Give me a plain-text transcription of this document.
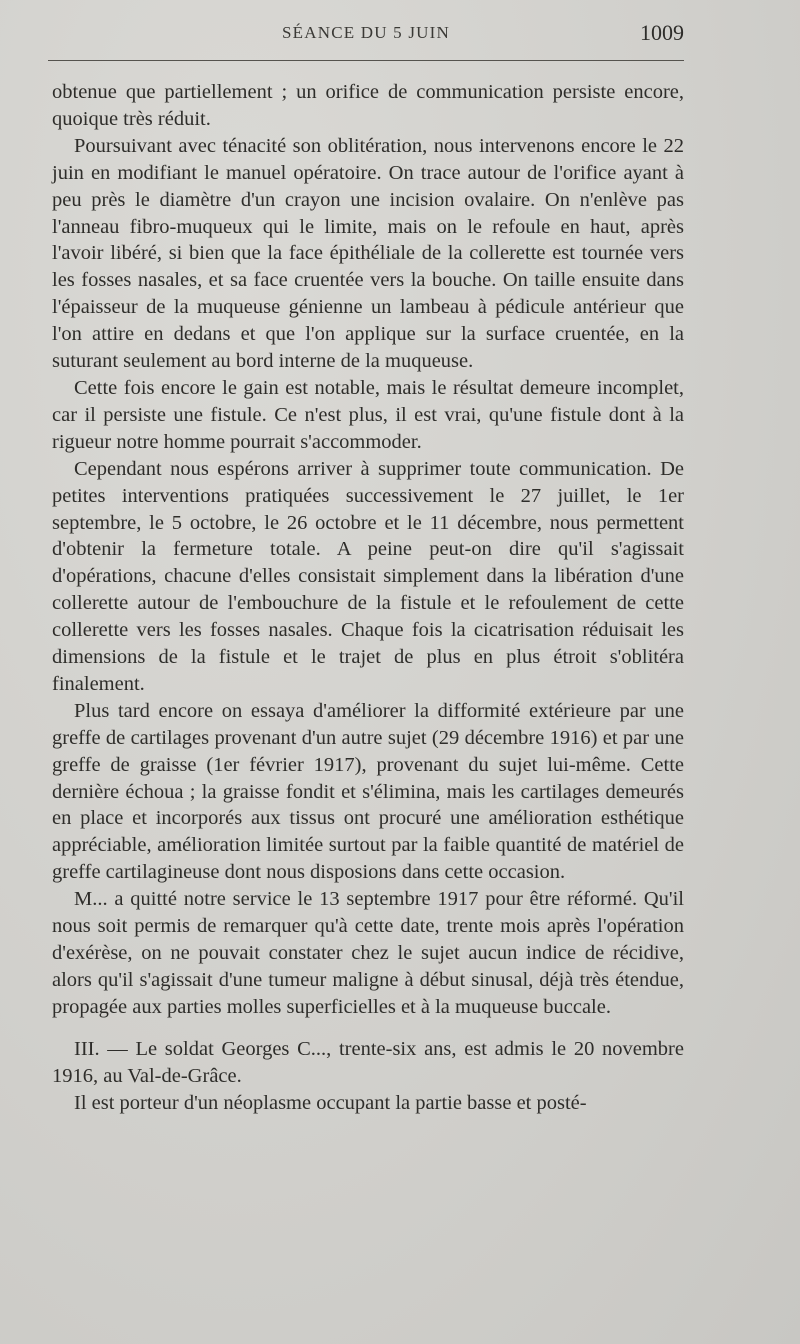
SÉANCE DU 5 JUIN	1009

obtenue que partiellement ; un orifice de communication persiste encore, quoique très réduit.

Poursuivant avec ténacité son oblitération, nous intervenons encore le 22 juin en modifiant le manuel opératoire. On trace autour de l'orifice ayant à peu près le diamètre d'un crayon une incision ovalaire. On n'enlève pas l'anneau fibro-muqueux qui le limite, mais on le refoule en haut, après l'avoir libéré, si bien que la face épithéliale de la collerette est tournée vers les fosses nasales, et sa face cruentée vers la bouche. On taille ensuite dans l'épaisseur de la muqueuse génienne un lambeau à pédicule antérieur que l'on attire en dedans et que l'on applique sur la surface cruentée, en la suturant seulement au bord interne de la muqueuse.

Cette fois encore le gain est notable, mais le résultat demeure incomplet, car il persiste une fistule. Ce n'est plus, il est vrai, qu'une fistule dont à la rigueur notre homme pourrait s'accommoder.

Cependant nous espérons arriver à supprimer toute communication. De petites interventions pratiquées successivement le 27 juillet, le 1er septembre, le 5 octobre, le 26 octobre et le 11 décembre, nous permettent d'obtenir la fermeture totale. A peine peut-on dire qu'il s'agissait d'opérations, chacune d'elles consistait simplement dans la libération d'une collerette autour de l'embouchure de la fistule et le refoulement de cette collerette vers les fosses nasales. Chaque fois la cicatrisation réduisait les dimensions de la fistule et le trajet de plus en plus étroit s'oblitéra finalement.

Plus tard encore on essaya d'améliorer la difformité extérieure par une greffe de cartilages provenant d'un autre sujet (29 décembre 1916) et par une greffe de graisse (1er février 1917), provenant du sujet lui-même. Cette dernière échoua ; la graisse fondit et s'élimina, mais les cartilages demeurés en place et incorporés aux tissus ont procuré une amélioration esthétique appréciable, amélioration limitée surtout par la faible quantité de matériel de greffe cartilagineuse dont nous disposions dans cette occasion.

M... a quitté notre service le 13 septembre 1917 pour être réformé. Qu'il nous soit permis de remarquer qu'à cette date, trente mois après l'opération d'exérèse, on ne pouvait constater chez le sujet aucun indice de récidive, alors qu'il s'agissait d'une tumeur maligne à début sinusal, déjà très étendue, propagée aux parties molles superficielles et à la muqueuse buccale.

III. — Le soldat Georges C..., trente-six ans, est admis le 20 novembre 1916, au Val-de-Grâce.

Il est porteur d'un néoplasme occupant la partie basse et posté-
